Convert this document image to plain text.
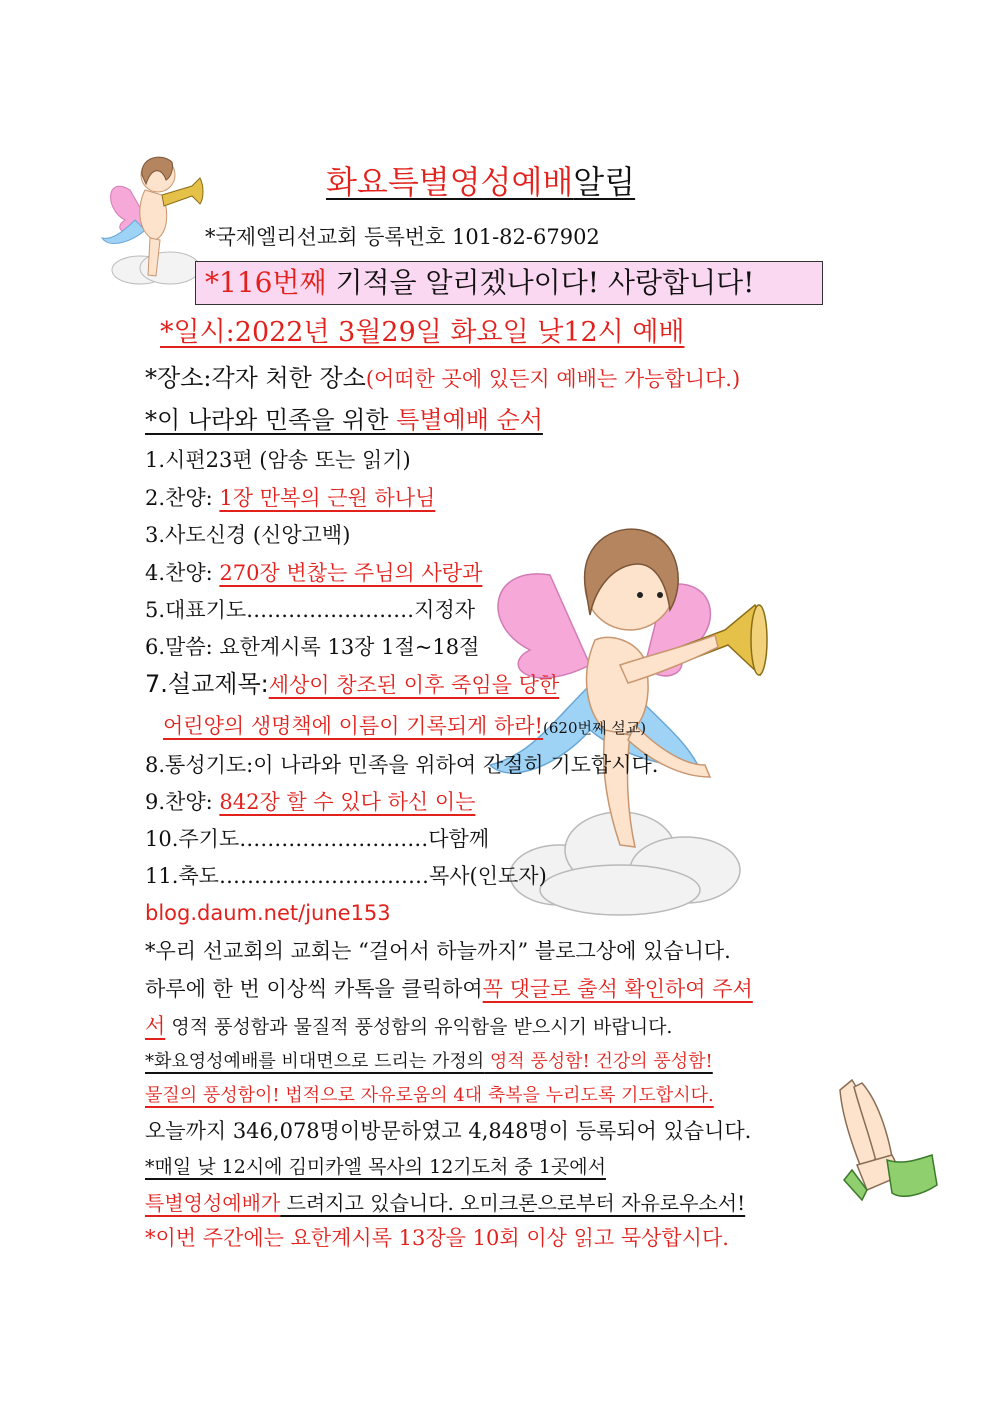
화요특별영성예배알림
*국제엘리선교회 등록번호 101-82-67902
*116번째 기적을 알리겠나이다! 사랑합니다!
*일시:2022년 3월29일 화요일 낮12시 예배
*장소:각자 처한 장소(어떠한 곳에 있든지 예배는 가능합니다.)
*이 나라와 민족을 위한 특별예배 순서
1.시편23편 (암송 또는 읽기)
2.찬양: 1장 만복의 근원 하나님
3.사도신경 (신앙고백)
4.찬양: 270장 변찮는 주님의 사랑과
5.대표기도……………………지정자
6.말씀: 요한계시록 13장 1절~18절
7.설교제목:세상이 창조된 이후 죽임을 당한
어린양의 생명책에 이름이 기록되게 하라!(620번째 설교)
8.통성기도:이 나라와 민족을 위하여 간절히 기도합시다.
9.찬양: 842장 할 수 있다 하신 이는
10.주기도………………………다함께
11.축도…………………………목사(인도자)
blog.daum.net/june153
*우리 선교회의 교회는 “걸어서 하늘까지” 블로그상에 있습니다.
하루에 한 번 이상씩 카톡을 클릭하여꼭 댓글로 출석 확인하여 주셔
서 영적 풍성함과 물질적 풍성함의 유익함을 받으시기 바랍니다.
*화요영성예배를 비대면으로 드리는 가정의 영적 풍성함! 건강의 풍성함!
물질의 풍성함이! 법적으로 자유로움의 4대 축복을 누리도록 기도합시다.
오늘까지 346,078명이방문하였고 4,848명이 등록되어 있습니다.
*매일 낮 12시에 김미카엘 목사의 12기도처 중 1곳에서
특별영성예배가 드려지고 있습니다. 오미크론으로부터 자유로우소서!
*이번 주간에는 요한계시록 13장을 10회 이상 읽고 묵상합시다.
